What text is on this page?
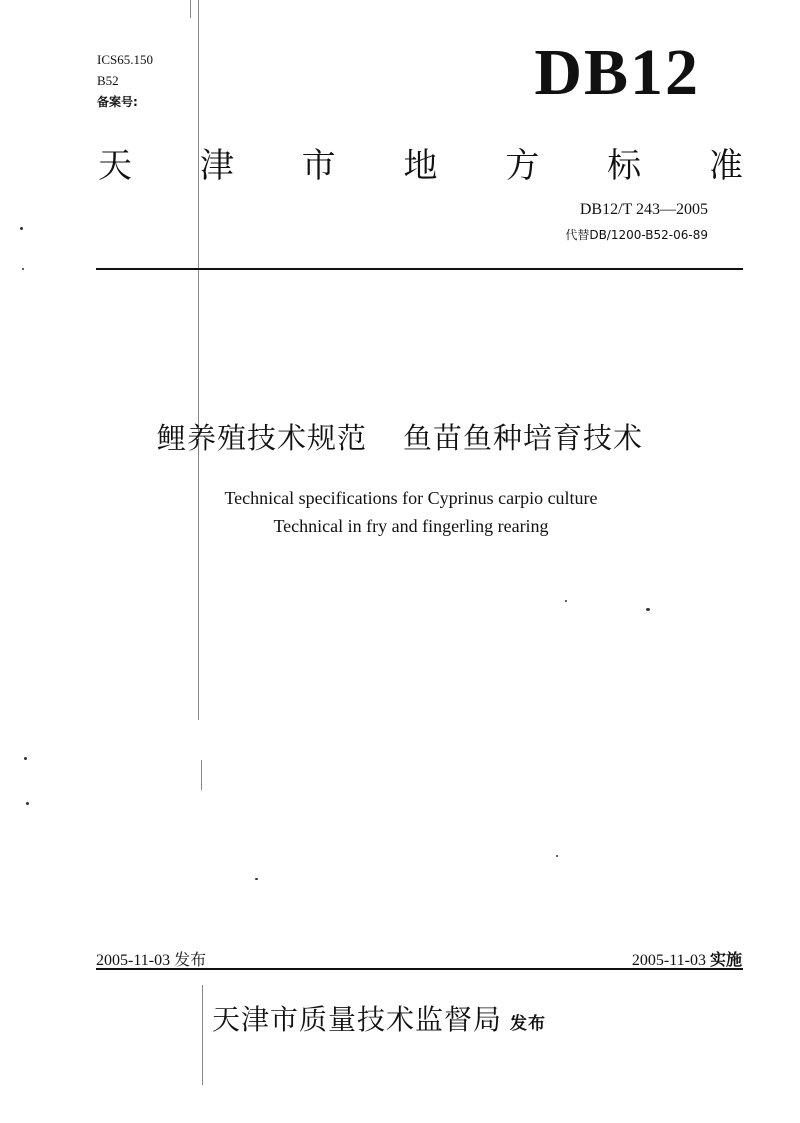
ICS65.150
B52
备案号:	DB12
天 津 市 地 方 标 准
DB12/T 243—2005
代替DB/1200-B52-06-89
鲤养殖技术规范 鱼苗鱼种培育技术
Technical specifications for Cyprinus carpio culture
Technical in fry and fingerling rearing
2005-11-03 发布	2005-11-03 实施
天津市质量技术监督局 发布
